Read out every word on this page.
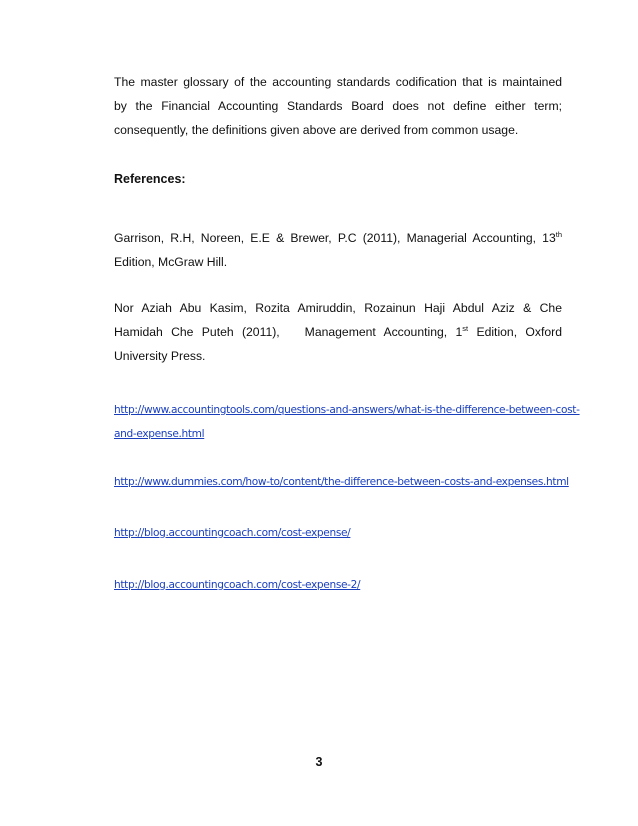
The master glossary of the accounting standards codification that is maintained
by the Financial Accounting Standards Board does not define either term;
consequently, the definitions given above are derived from common usage.

References:

Garrison, R.H, Noreen, E.E & Brewer, P.C (2011), Managerial Accounting, 13th
Edition, McGraw Hill.
Nor Aziah Abu Kasim, Rozita Amiruddin, Rozainun Haji Abdul Aziz & Che
Hamidah Che Puteh (2011),   Management Accounting, 1st Edition, Oxford
University Press.
http://www.accountingtools.com/questions-and-answers/what-is-the-difference-between-cost-
and-expense.html
http://www.dummies.com/how-to/content/the-difference-between-costs-and-expenses.html
http://blog.accountingcoach.com/cost-expense/
http://blog.accountingcoach.com/cost-expense-2/

3
